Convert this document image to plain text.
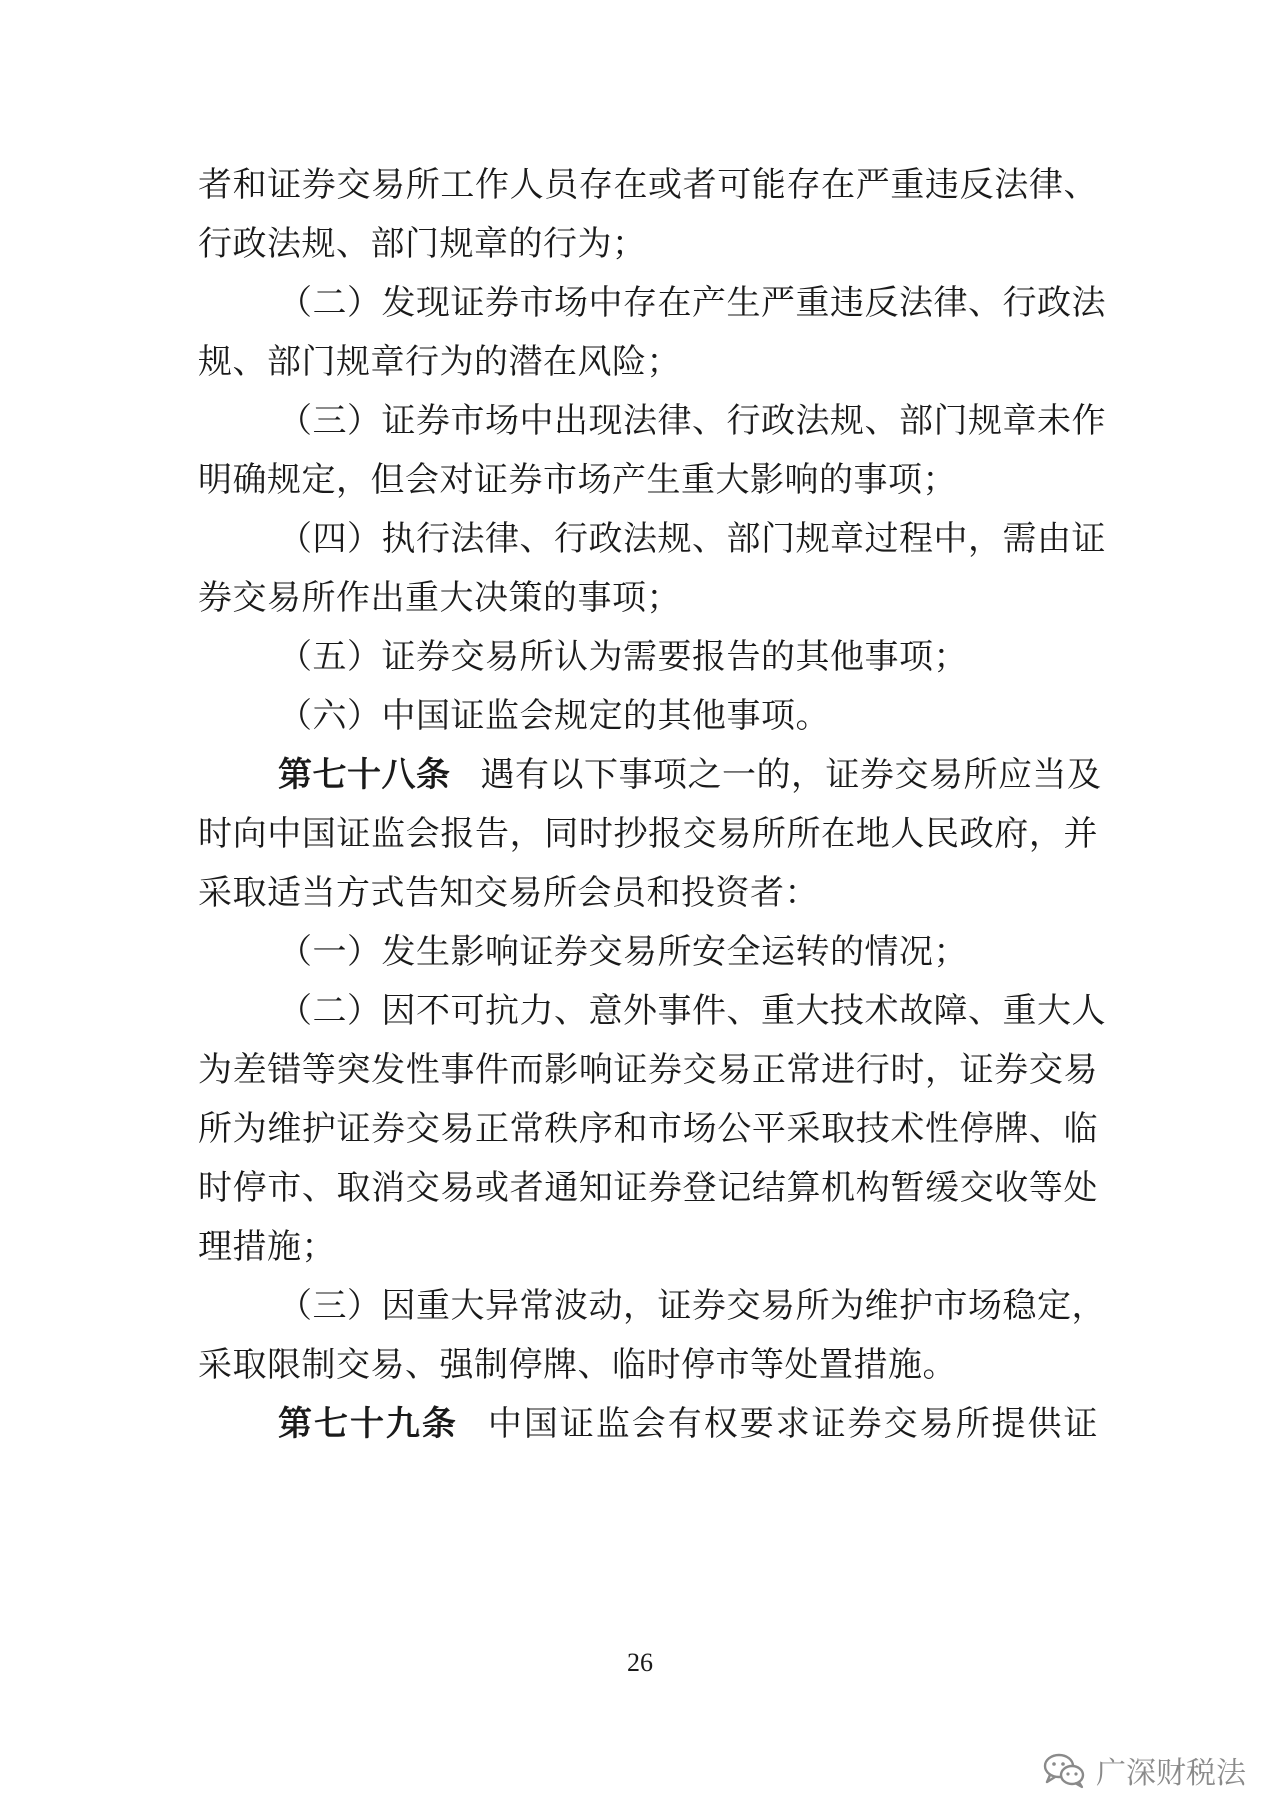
者和证券交易所工作人员存在或者可能存在严重违反法律、
行政法规、部门规章的行为；
（二）发现证券市场中存在产生严重违反法律、行政法
规、部门规章行为的潜在风险；
（三）证券市场中出现法律、行政法规、部门规章未作
明确规定，但会对证券市场产生重大影响的事项；
（四）执行法律、行政法规、部门规章过程中，需由证
券交易所作出重大决策的事项；
（五）证券交易所认为需要报告的其他事项；
（六）中国证监会规定的其他事项。
第七十八条 遇有以下事项之一的，证券交易所应当及
时向中国证监会报告，同时抄报交易所所在地人民政府，并
采取适当方式告知交易所会员和投资者：
（一）发生影响证券交易所安全运转的情况；
（二）因不可抗力、意外事件、重大技术故障、重大人
为差错等突发性事件而影响证券交易正常进行时，证券交易
所为维护证券交易正常秩序和市场公平采取技术性停牌、临
时停市、取消交易或者通知证券登记结算机构暂缓交收等处
理措施；
（三）因重大异常波动，证券交易所为维护市场稳定，
采取限制交易、强制停牌、临时停市等处置措施。
第七十九条 中国证监会有权要求证券交易所提供证
26
广深财税法
